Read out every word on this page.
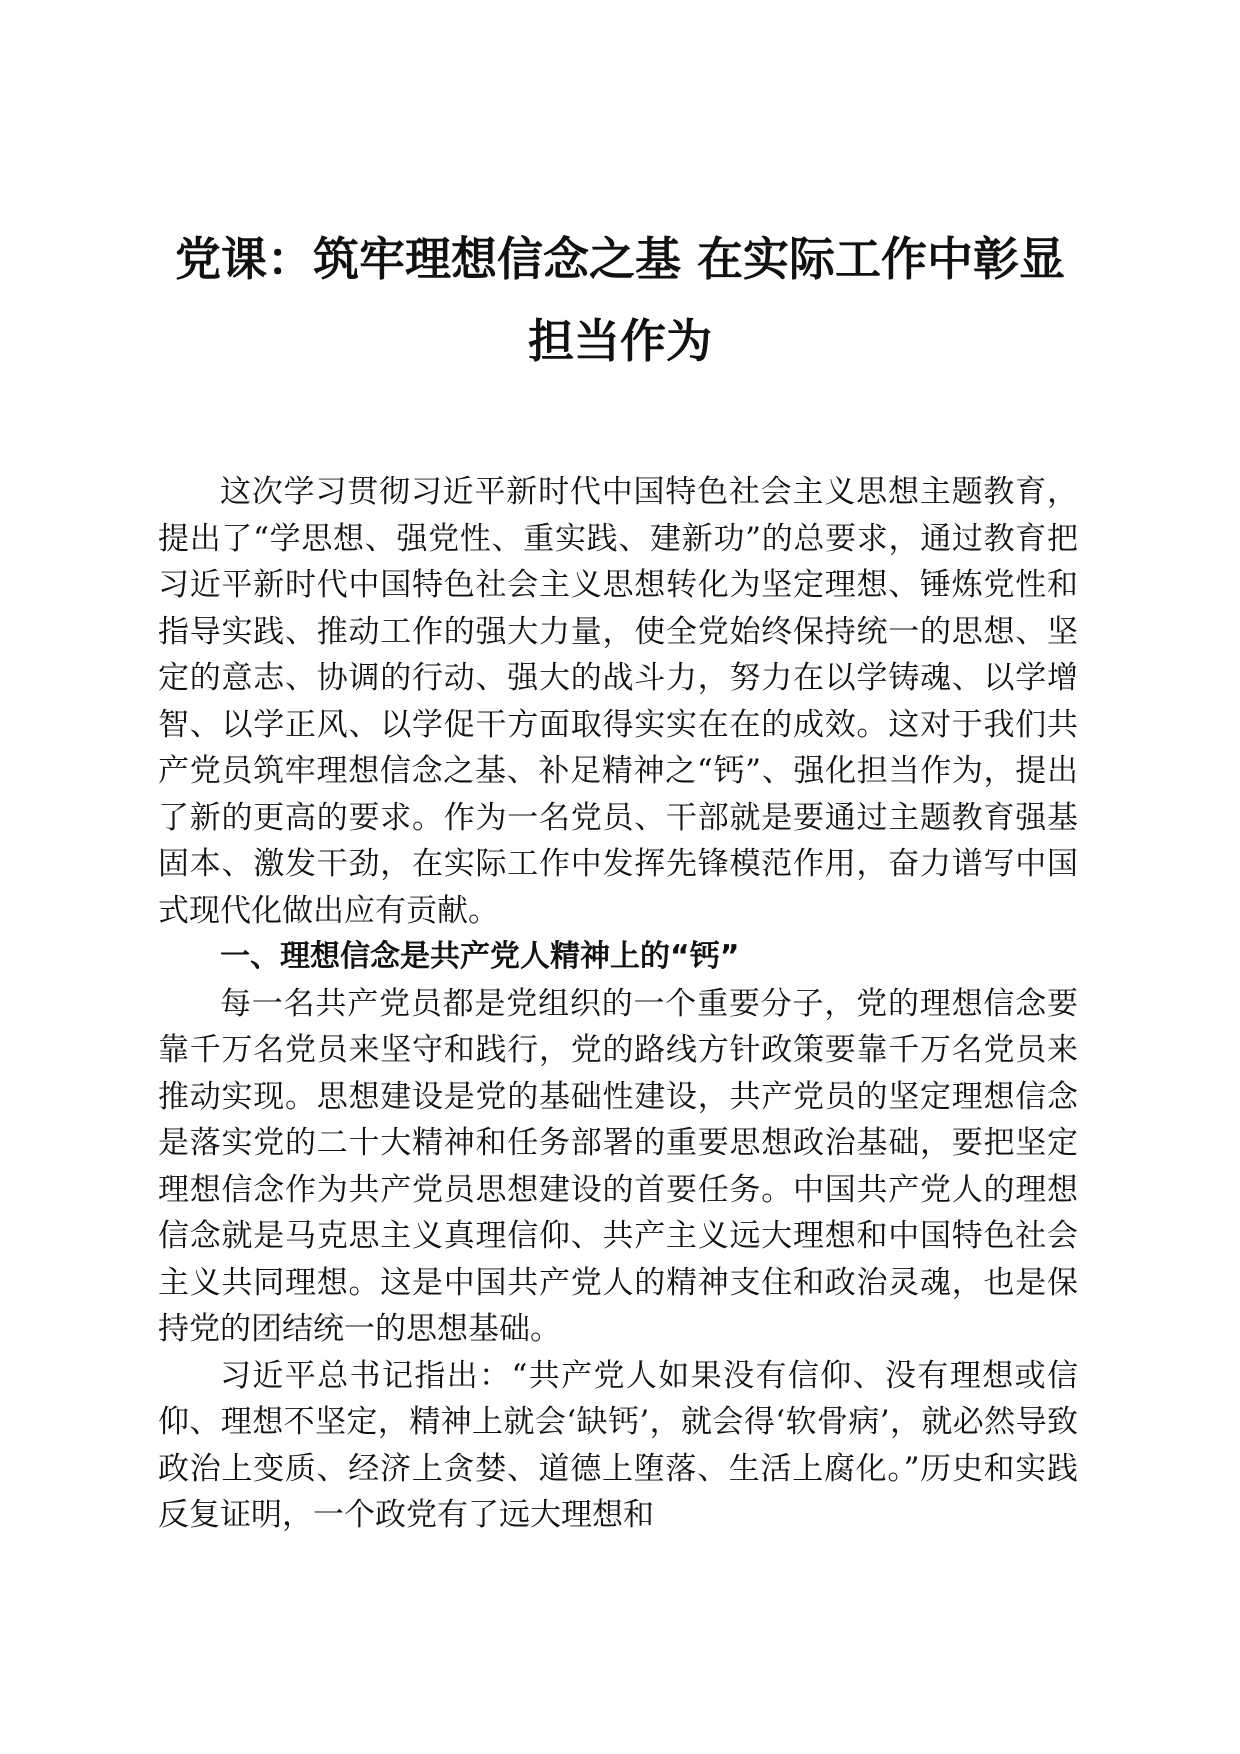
党课：筑牢理想信念之基 在实际工作中彰显
担当作为

这次学习贯彻习近平新时代中国特色社会主义思想主题教育，提出了“学思想、强党性、重实践、建新功”的总要求，通过教育把习近平新时代中国特色社会主义思想转化为坚定理想、锤炼党性和指导实践、推动工作的强大力量，使全党始终保持统一的思想、坚定的意志、协调的行动、强大的战斗力，努力在以学铸魂、以学增智、以学正风、以学促干方面取得实实在在的成效。这对于我们共产党员筑牢理想信念之基、补足精神之“钙”、强化担当作为，提出了新的更高的要求。作为一名党员、干部就是要通过主题教育强基固本、激发干劲，在实际工作中发挥先锋模范作用，奋力谱写中国式现代化做出应有贡献。

一、理想信念是共产党人精神上的“钙”

每一名共产党员都是党组织的一个重要分子，党的理想信念要靠千万名党员来坚守和践行，党的路线方针政策要靠千万名党员来推动实现。思想建设是党的基础性建设，共产党员的坚定理想信念是落实党的二十大精神和任务部署的重要思想政治基础，要把坚定理想信念作为共产党员思想建设的首要任务。中国共产党人的理想信念就是马克思主义真理信仰、共产主义远大理想和中国特色社会主义共同理想。这是中国共产党人的精神支住和政治灵魂，也是保持党的团结统一的思想基础。

习近平总书记指出：“共产党人如果没有信仰、没有理想或信仰、理想不坚定，精神上就会‘缺钙’，就会得‘软骨病’，就必然导致政治上变质、经济上贪婪、道德上堕落、生活上腐化。”历史和实践反复证明，一个政党有了远大理想和
